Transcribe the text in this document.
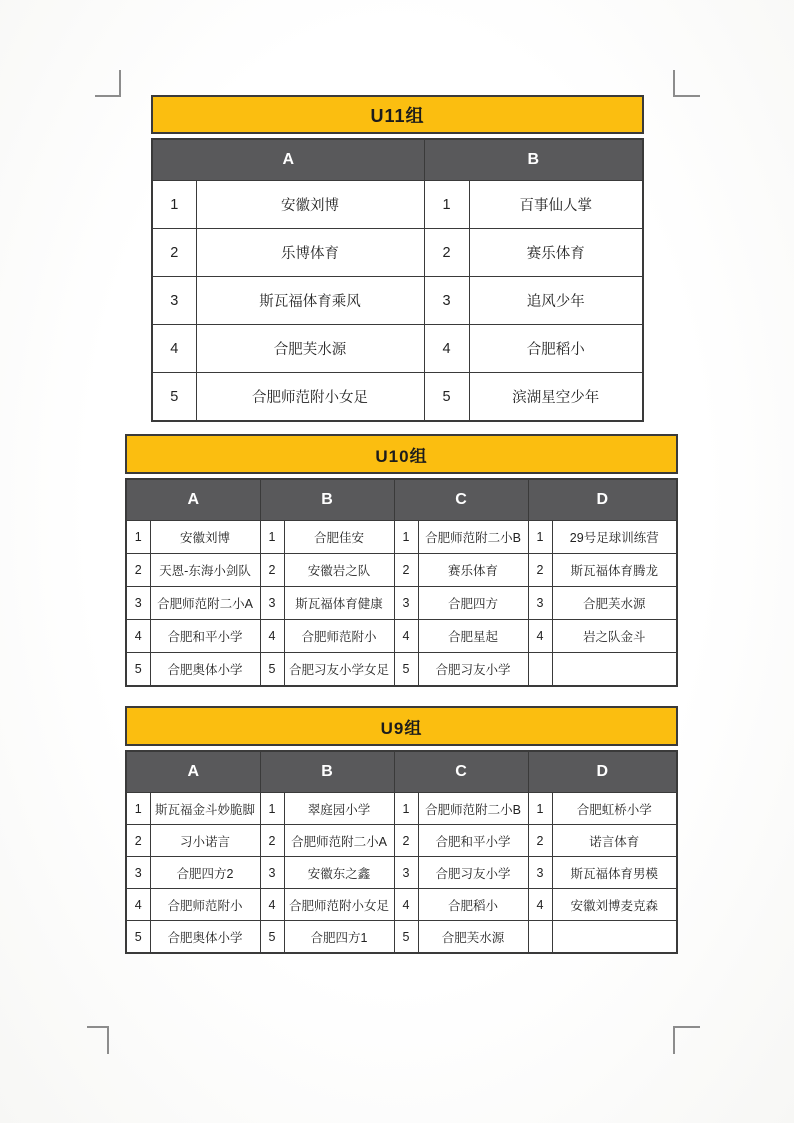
U11组
A		B	
1	安徽刘博	1	百事仙人掌
2	乐博体育	2	赛乐体育
3	斯瓦福体育乘风	3	追风少年
4	合肥芙水源	4	合肥稻小
5	合肥师范附小女足	5	滨湖星空少年
U10组
A		B		C		D	
1	安徽刘博	1	合肥佳安	1	合肥师范附二小B	1	29号足球训练营
2	天恩-东海小剑队	2	安徽岩之队	2	赛乐体育	2	斯瓦福体育腾龙
3	合肥师范附二小A	3	斯瓦福体育健康	3	合肥四方	3	合肥芙水源
4	合肥和平小学	4	合肥师范附小	4	合肥星起	4	岩之队金斗
5	合肥奥体小学	5	合肥习友小学女足	5	合肥习友小学		
U9组
A		B		C		D	
1	斯瓦福金斗妙脆脚	1	翠庭园小学	1	合肥师范附二小B	1	合肥虹桥小学
2	习小诺言	2	合肥师范附二小A	2	合肥和平小学	2	诺言体育
3	合肥四方2	3	安徽东之鑫	3	合肥习友小学	3	斯瓦福体育男模
4	合肥师范附小	4	合肥师范附小女足	4	合肥稻小	4	安徽刘博麦克森
5	合肥奥体小学	5	合肥四方1	5	合肥芙水源		
